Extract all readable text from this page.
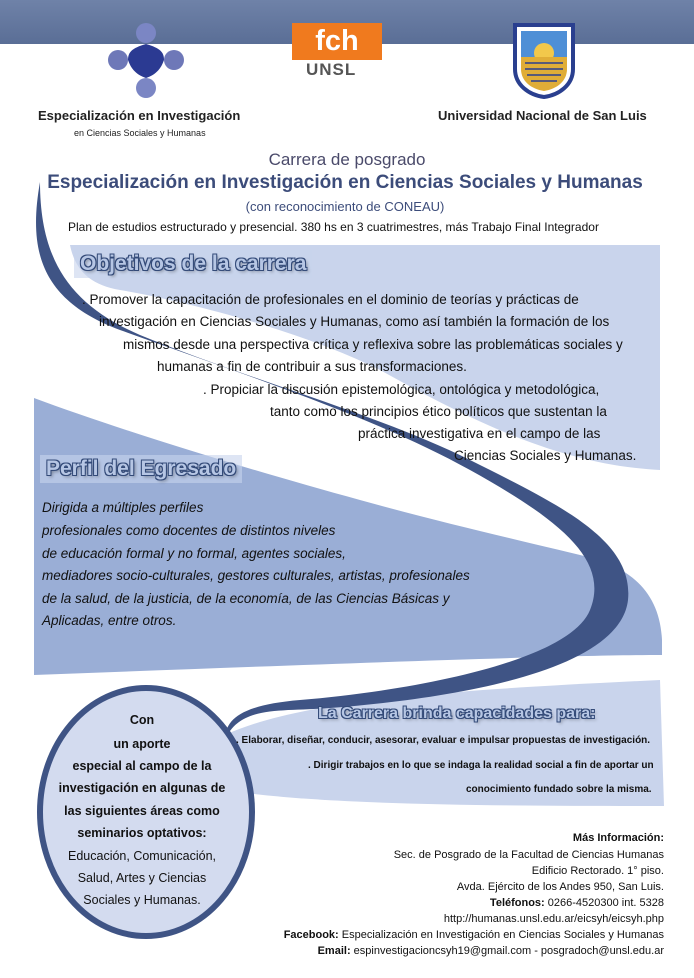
Especialización en Investigación
en Ciencias Sociales y Humanas
fch
UNSL
Universidad Nacional de San Luis
Carrera de posgrado
Especialización en Investigación en Ciencias Sociales y Humanas
(con reconocimiento de CONEAU)
Plan de estudios estructurado y presencial. 380 hs en 3 cuatrimestres, más Trabajo Final Integrador
Objetivos de la carrera
. Promover la capacitación de profesionales en el dominio de teorías y prácticas de
investigación en Ciencias Sociales y Humanas, como así también la formación de los
mismos desde una perspectiva crítica y reflexiva sobre las problemáticas sociales y
humanas a fin de contribuir a sus transformaciones.
. Propiciar la discusión epistemológica, ontológica y metodológica,
tanto como los principios ético políticos que sustentan la
práctica investigativa en el campo de las
Ciencias Sociales y Humanas.
Perfil del Egresado
Dirigida a múltiples perfiles
profesionales como docentes de distintos niveles
de educación formal y no formal, agentes sociales,
mediadores socio-culturales, gestores culturales, artistas, profesionales
de la salud, de la justicia, de la economía, de las Ciencias Básicas y
Aplicadas, entre otros.
La Carrera brinda capacidades para:
. Elaborar, diseñar, conducir, asesorar, evaluar e impulsar propuestas de investigación.
. Dirigir trabajos en lo que se indaga la realidad social a fin de aportar un
conocimiento fundado sobre la misma.
Con
un aporte
especial al campo de la
investigación en algunas de
las siguientes áreas como
seminarios optativos:
Educación, Comunicación,
Salud, Artes y Ciencias
Sociales y Humanas.
Más Información:
Sec. de Posgrado de la Facultad de Ciencias Humanas
Edificio Rectorado. 1° piso.
Avda. Ejército de los Andes 950, San Luis.
Teléfonos: 0266-4520300 int. 5328
http://humanas.unsl.edu.ar/eicsyh/eicsyh.php
Facebook: Especialización en Investigación en Ciencias Sociales y Humanas
Email: espinvestigacioncsyh19@gmail.com - posgradoch@unsl.edu.ar
